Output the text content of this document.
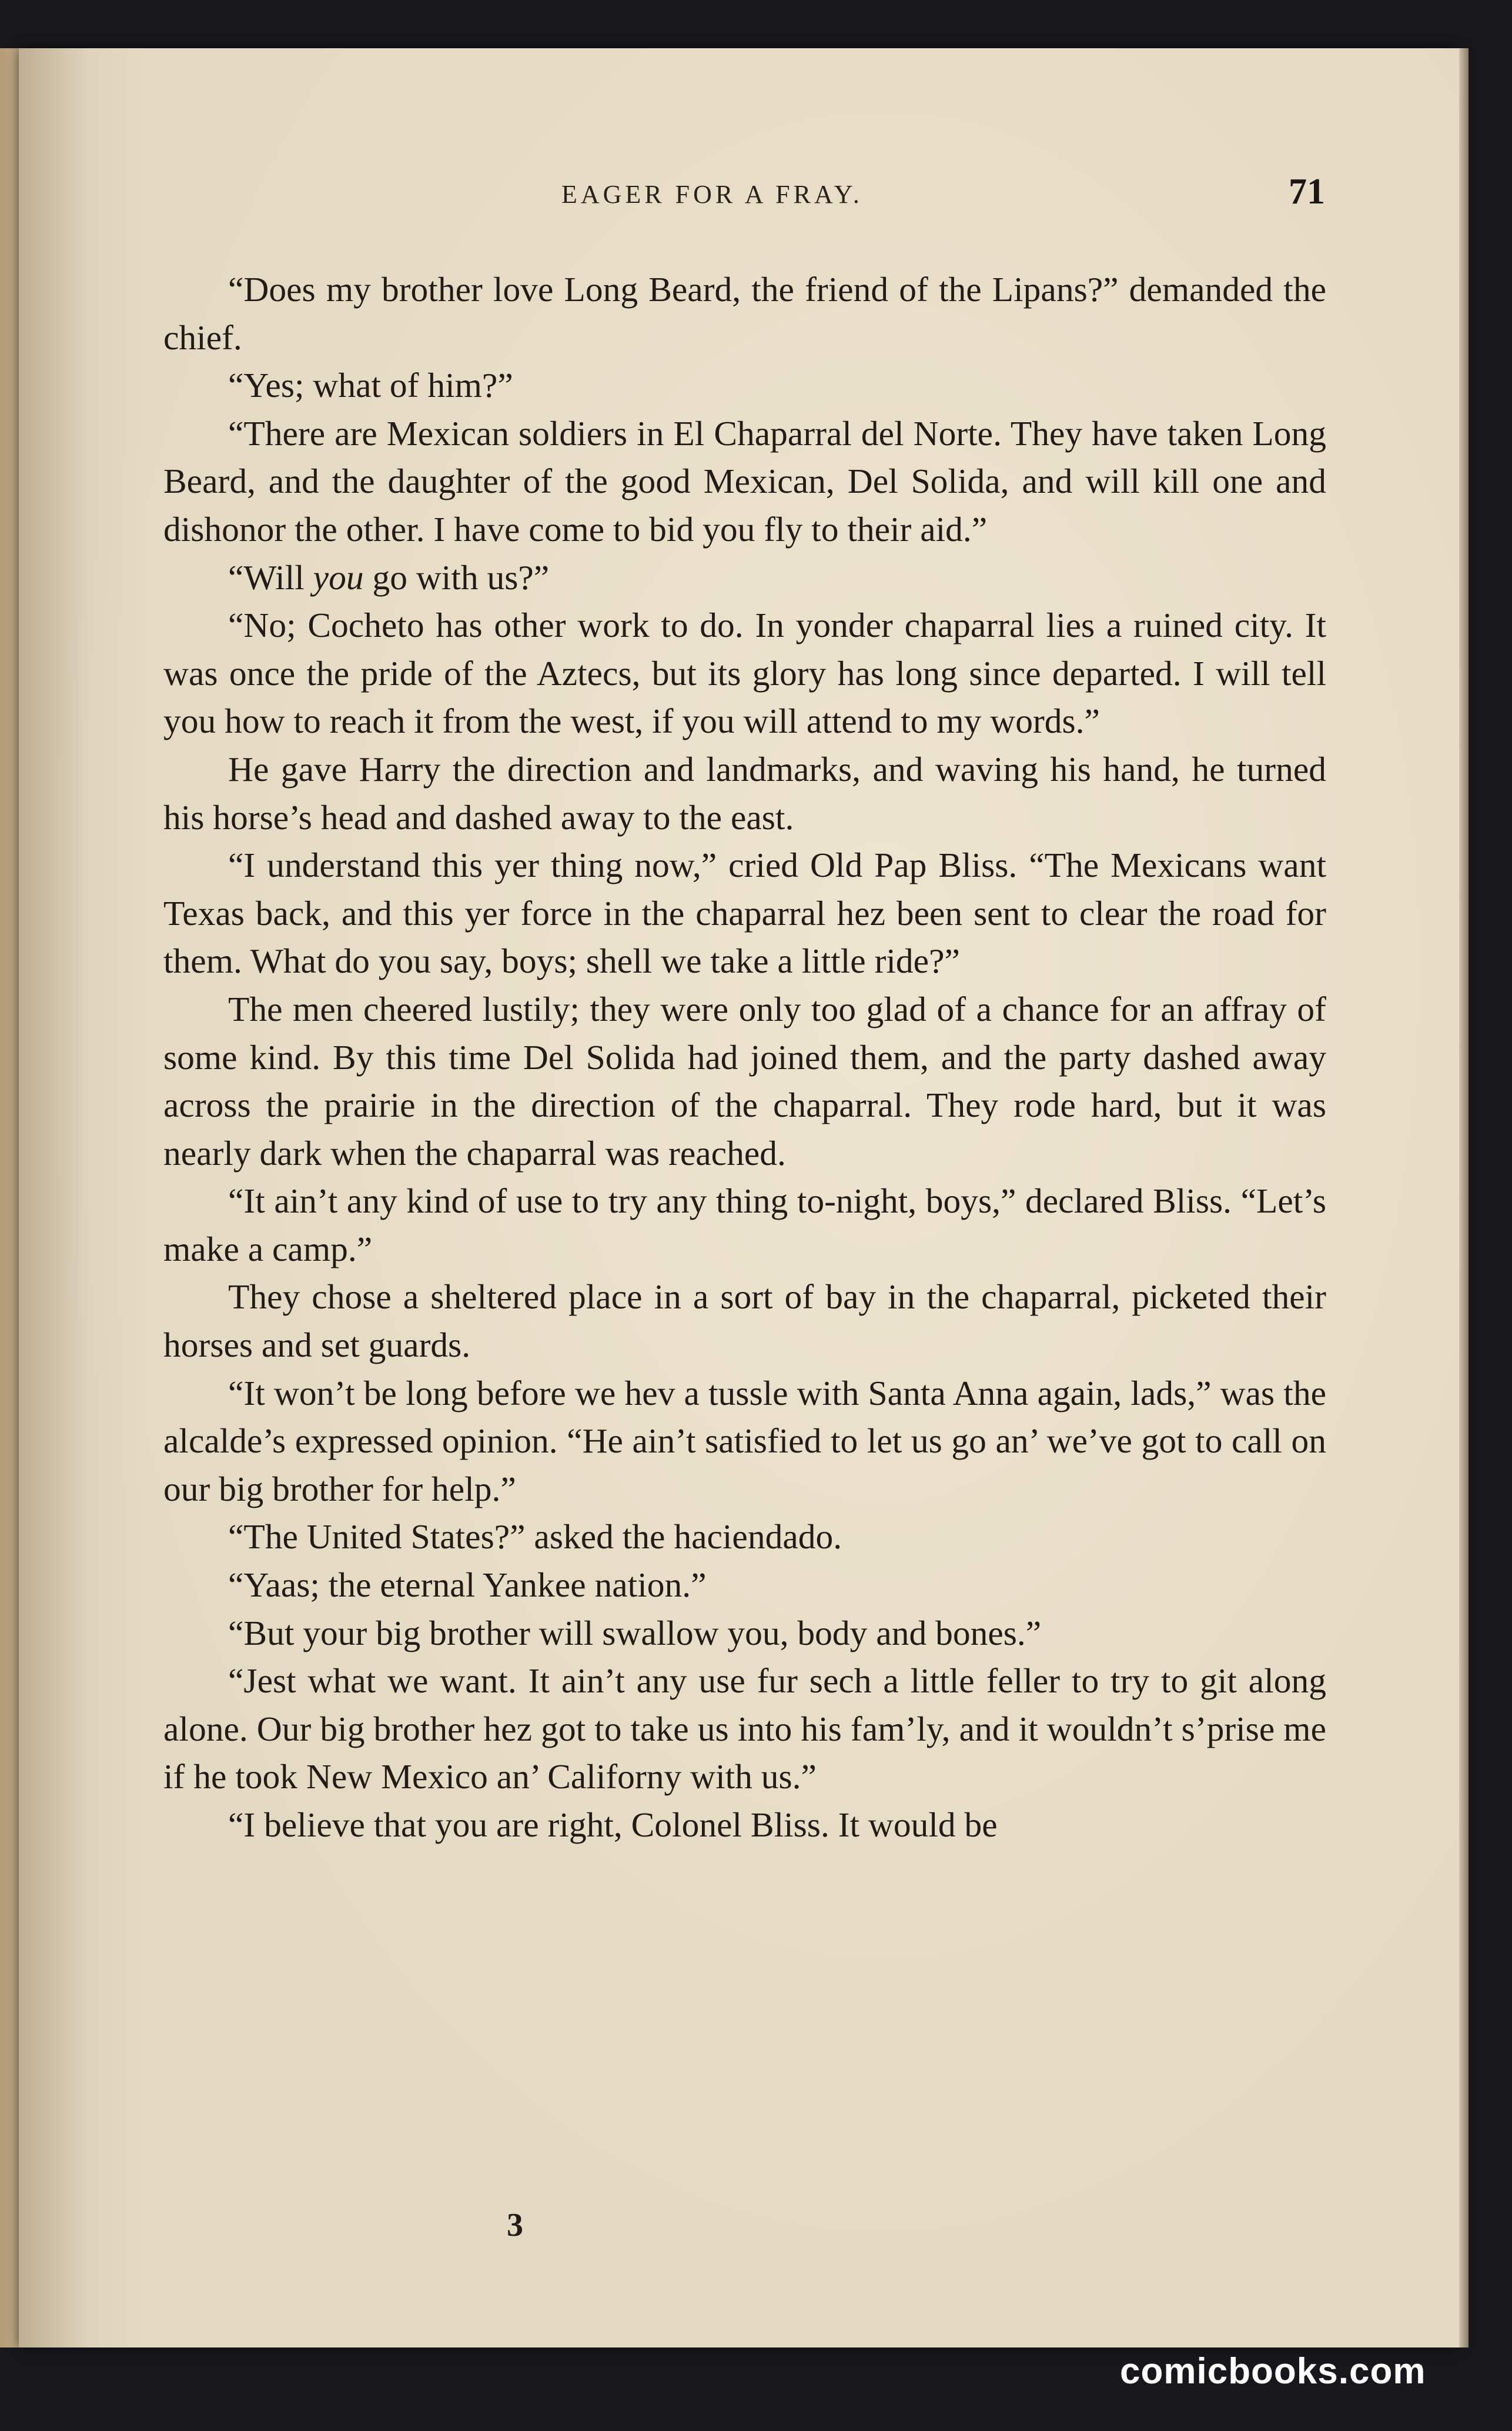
EAGER FOR A FRAY.	71

“Does my brother love Long Beard, the friend of the Lipans?” demanded the chief.

“Yes; what of him?”

“There are Mexican soldiers in El Chaparral del Norte. They have taken Long Beard, and the daughter of the good Mexican, Del Solida, and will kill one and dishonor the other. I have come to bid you fly to their aid.”

“Will you go with us?”

“No; Cocheto has other work to do. In yonder chaparral lies a ruined city. It was once the pride of the Aztecs, but its glory has long since departed. I will tell you how to reach it from the west, if you will attend to my words.”

He gave Harry the direction and landmarks, and waving his hand, he turned his horse’s head and dashed away to the east.

“I understand this yer thing now,” cried Old Pap Bliss. “The Mexicans want Texas back, and this yer force in the chaparral hez been sent to clear the road for them. What do you say, boys; shell we take a little ride?”

The men cheered lustily; they were only too glad of a chance for an affray of some kind. By this time Del Solida had joined them, and the party dashed away across the prairie in the direction of the chaparral. They rode hard, but it was nearly dark when the chaparral was reached.

“It ain’t any kind of use to try any thing to-night, boys,” declared Bliss. “Let’s make a camp.”

They chose a sheltered place in a sort of bay in the chaparral, picketed their horses and set guards.

“It won’t be long before we hev a tussle with Santa Anna again, lads,” was the alcalde’s expressed opinion. “He ain’t satisfied to let us go an’ we’ve got to call on our big brother for help.”

“The United States?” asked the haciendado.

“Yaas; the eternal Yankee nation.”

“But your big brother will swallow you, body and bones.”

“Jest what we want. It ain’t any use fur sech a little feller to try to git along alone. Our big brother hez got to take us into his fam’ly, and it wouldn’t s’prise me if he took New Mexico an’ Californy with us.”

“I believe that you are right, Colonel Bliss. It would be

3
comicbooks.com
